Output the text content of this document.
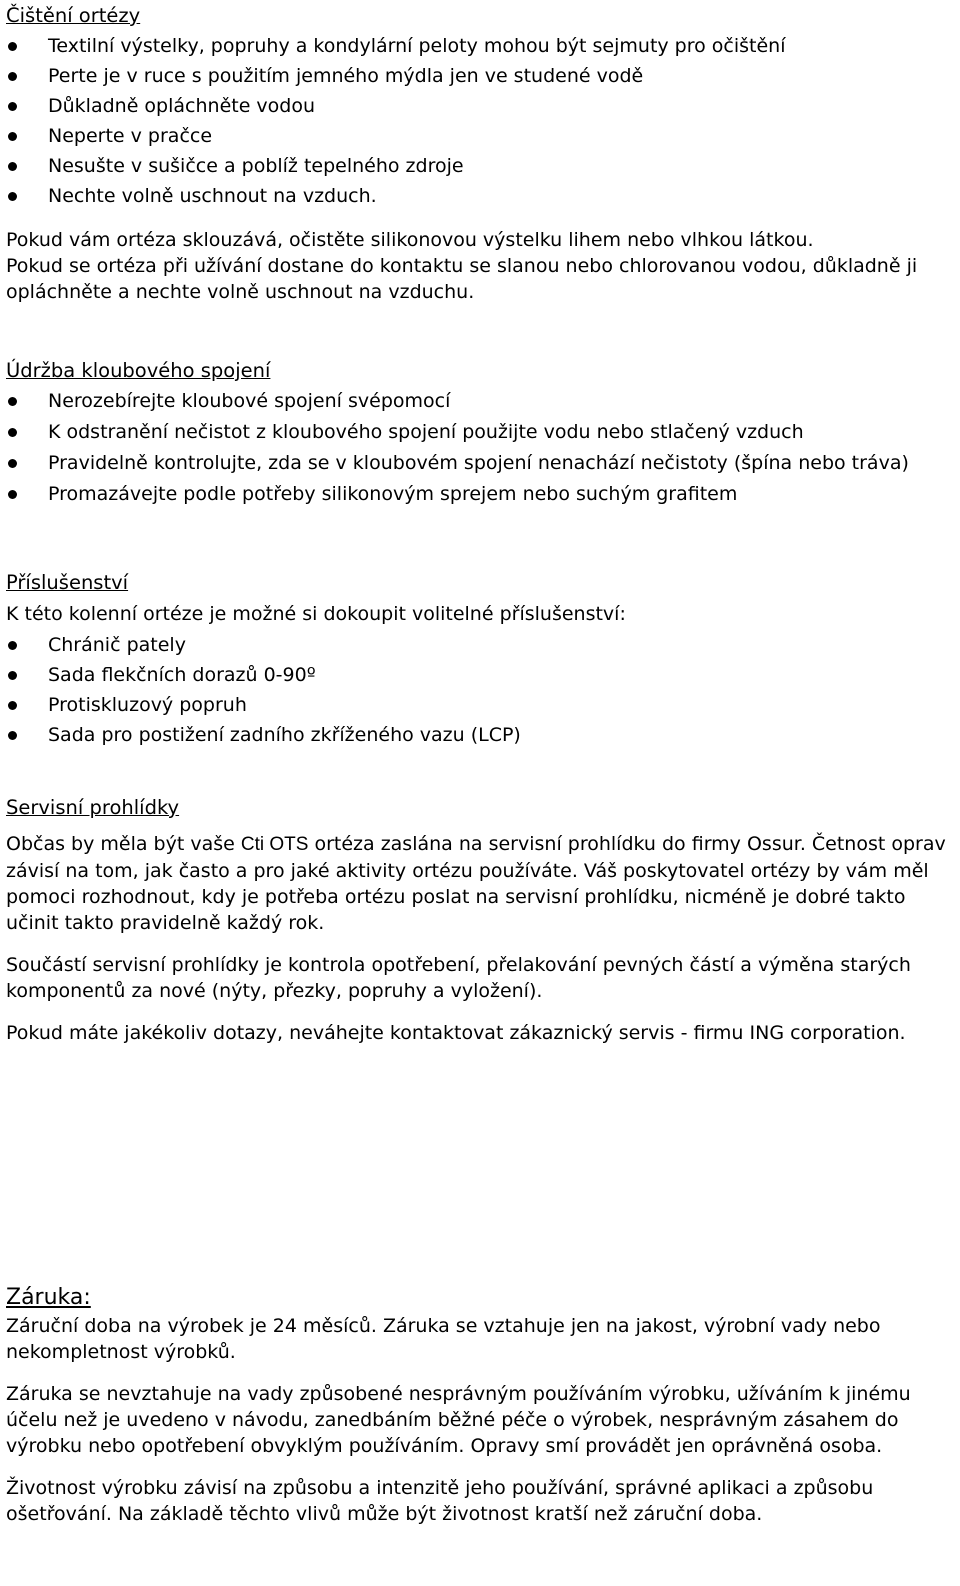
Čištění ortézy
Textilní výstelky, popruhy a kondylární peloty mohou být sejmuty pro očištění
Perte je v ruce s použitím jemného mýdla jen ve studené vodě
Důkladně opláchněte vodou
Neperte v pračce
Nesušte v sušičce a poblíž tepelného zdroje
Nechte volně uschnout na vzduch.

Pokud vám ortéza sklouzává, očistěte silikonovou výstelku lihem nebo vlhkou látkou.

Pokud se ortéza při užívání dostane do kontaktu se slanou nebo chlorovanou vodou, důkladně ji opláchněte a nechte volně uschnout na vzduchu.

Údržba kloubového spojení
Nerozebírejte kloubové spojení svépomocí
K odstranění nečistot z kloubového spojení použijte vodu nebo stlačený vzduch
Pravidelně kontrolujte, zda se v kloubovém spojení nenachází nečistoty (špína nebo tráva)
Promazávejte podle potřeby silikonovým sprejem nebo suchým grafitem
Příslušenství

K této kolenní ortéze je možné si dokoupit volitelné příslušenství:

Chránič pately
Sada flekčních dorazů 0-90º
Protiskluzový popruh
Sada pro postižení zadního zkříženého vazu (LCP)
Servisní prohlídky

Občas by měla být vaše Cti OTS ortéza zaslána na servisní prohlídku do firmy Ossur. Četnost oprav závisí na tom, jak často a pro jaké aktivity ortézu používáte. Váš poskytovatel ortézy by vám měl pomoci rozhodnout, kdy je potřeba ortézu poslat na servisní prohlídku, nicméně je dobré takto učinit takto pravidelně každý rok.

Součástí servisní prohlídky je kontrola opotřebení, přelakování pevných částí a výměna starých komponentů za nové (nýty, přezky, popruhy a vyložení).

Pokud máte jakékoliv dotazy, neváhejte kontaktovat zákaznický servis - firmu ING corporation.

Záruka:

Záruční doba na výrobek je 24 měsíců. Záruka se vztahuje jen na jakost, výrobní vady nebo nekompletnost výrobků.

Záruka se nevztahuje na vady způsobené nesprávným používáním výrobku, užíváním k jinému účelu než je uvedeno v návodu, zanedbáním běžné péče o výrobek, nesprávným zásahem do výrobku nebo opotřebení obvyklým používáním. Opravy smí provádět jen oprávněná osoba.

Životnost výrobku závisí na způsobu a intenzitě jeho používání, správné aplikaci a způsobu ošetřování. Na základě těchto vlivů může být životnost kratší než záruční doba.
